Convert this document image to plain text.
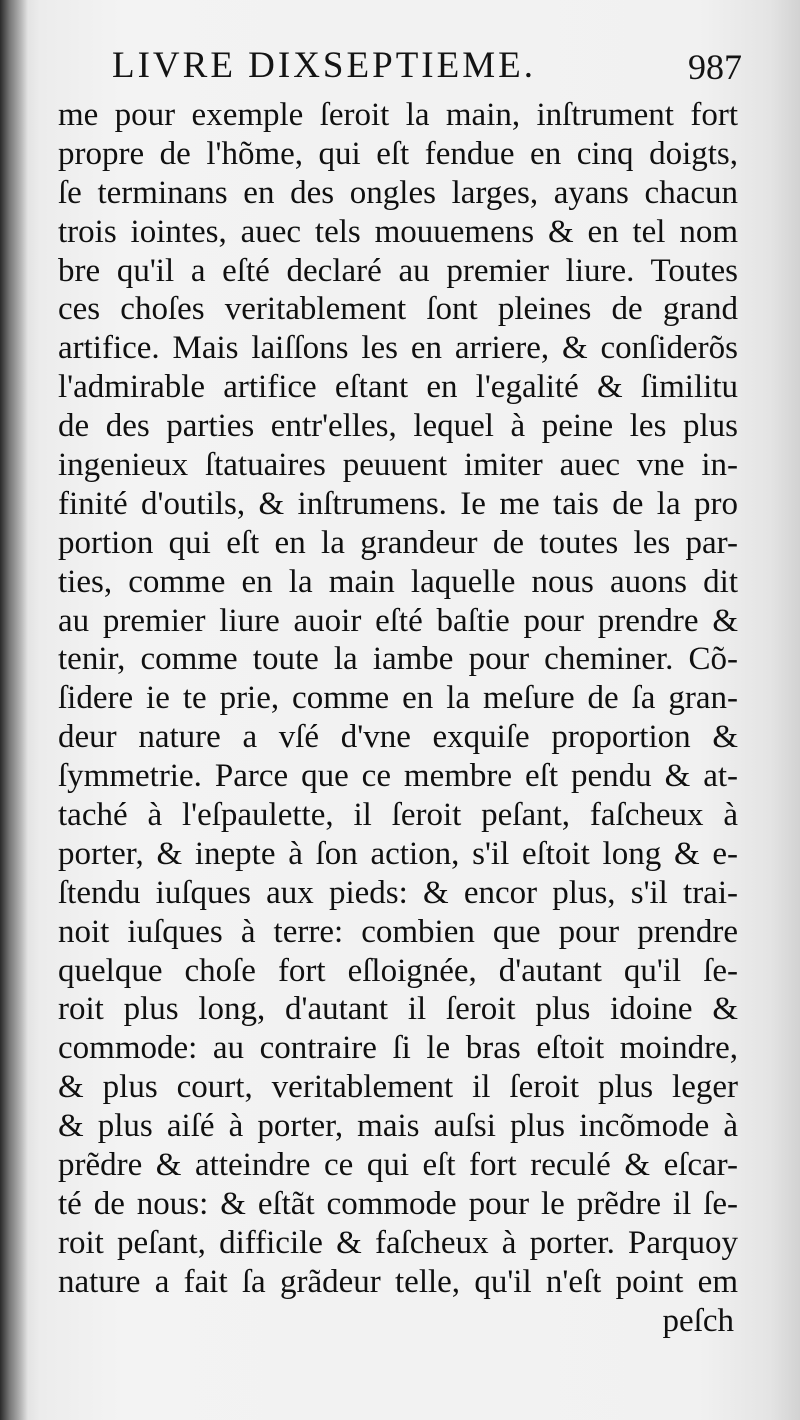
LIVRE DIXSEPTIEME.	987
me pour exemple ſeroit la main, inſtrument fort
propre de l'hõme, qui eſt fendue en cinq doigts,
ſe terminans en des ongles larges, ayans chacun
trois iointes, auec tels mouuemens & en tel nom
bre qu'il a eſté declaré au premier liure. Toutes
ces choſes veritablement ſont pleines de grand
artifice. Mais laiſſons les en arriere, & conſiderõs
l'admirable artifice eſtant en l'egalité & ſimilitu
de des parties entr'elles, lequel à peine les plus
ingenieux ſtatuaires peuuent imiter auec vne in-
finité d'outils, & inſtrumens. Ie me tais de la pro
portion qui eſt en la grandeur de toutes les par-
ties, comme en la main laquelle nous auons dit
au premier liure auoir eſté baſtie pour prendre &
tenir, comme toute la iambe pour cheminer. Cõ-
ſidere ie te prie, comme en la meſure de ſa gran-
deur nature a vſé d'vne exquiſe proportion &
ſymmetrie. Parce que ce membre eſt pendu & at-
taché à l'eſpaulette, il ſeroit peſant, faſcheux à
porter, & inepte à ſon action, s'il eſtoit long & e-
ſtendu iuſques aux pieds: & encor plus, s'il trai-
noit iuſques à terre: combien que pour prendre
quelque choſe fort eſloignée, d'autant qu'il ſe-
roit plus long, d'autant il ſeroit plus idoine &
commode: au contraire ſi le bras eſtoit moindre,
& plus court, veritablement il ſeroit plus leger
& plus aiſé à porter, mais auſsi plus incõmode à
prẽdre & atteindre ce qui eſt fort reculé & eſcar-
té de nous: & eſtãt commode pour le prẽdre il ſe-
roit peſant, difficile & faſcheux à porter. Parquoy
nature a fait ſa grãdeur telle, qu'il n'eſt point em
peſch
